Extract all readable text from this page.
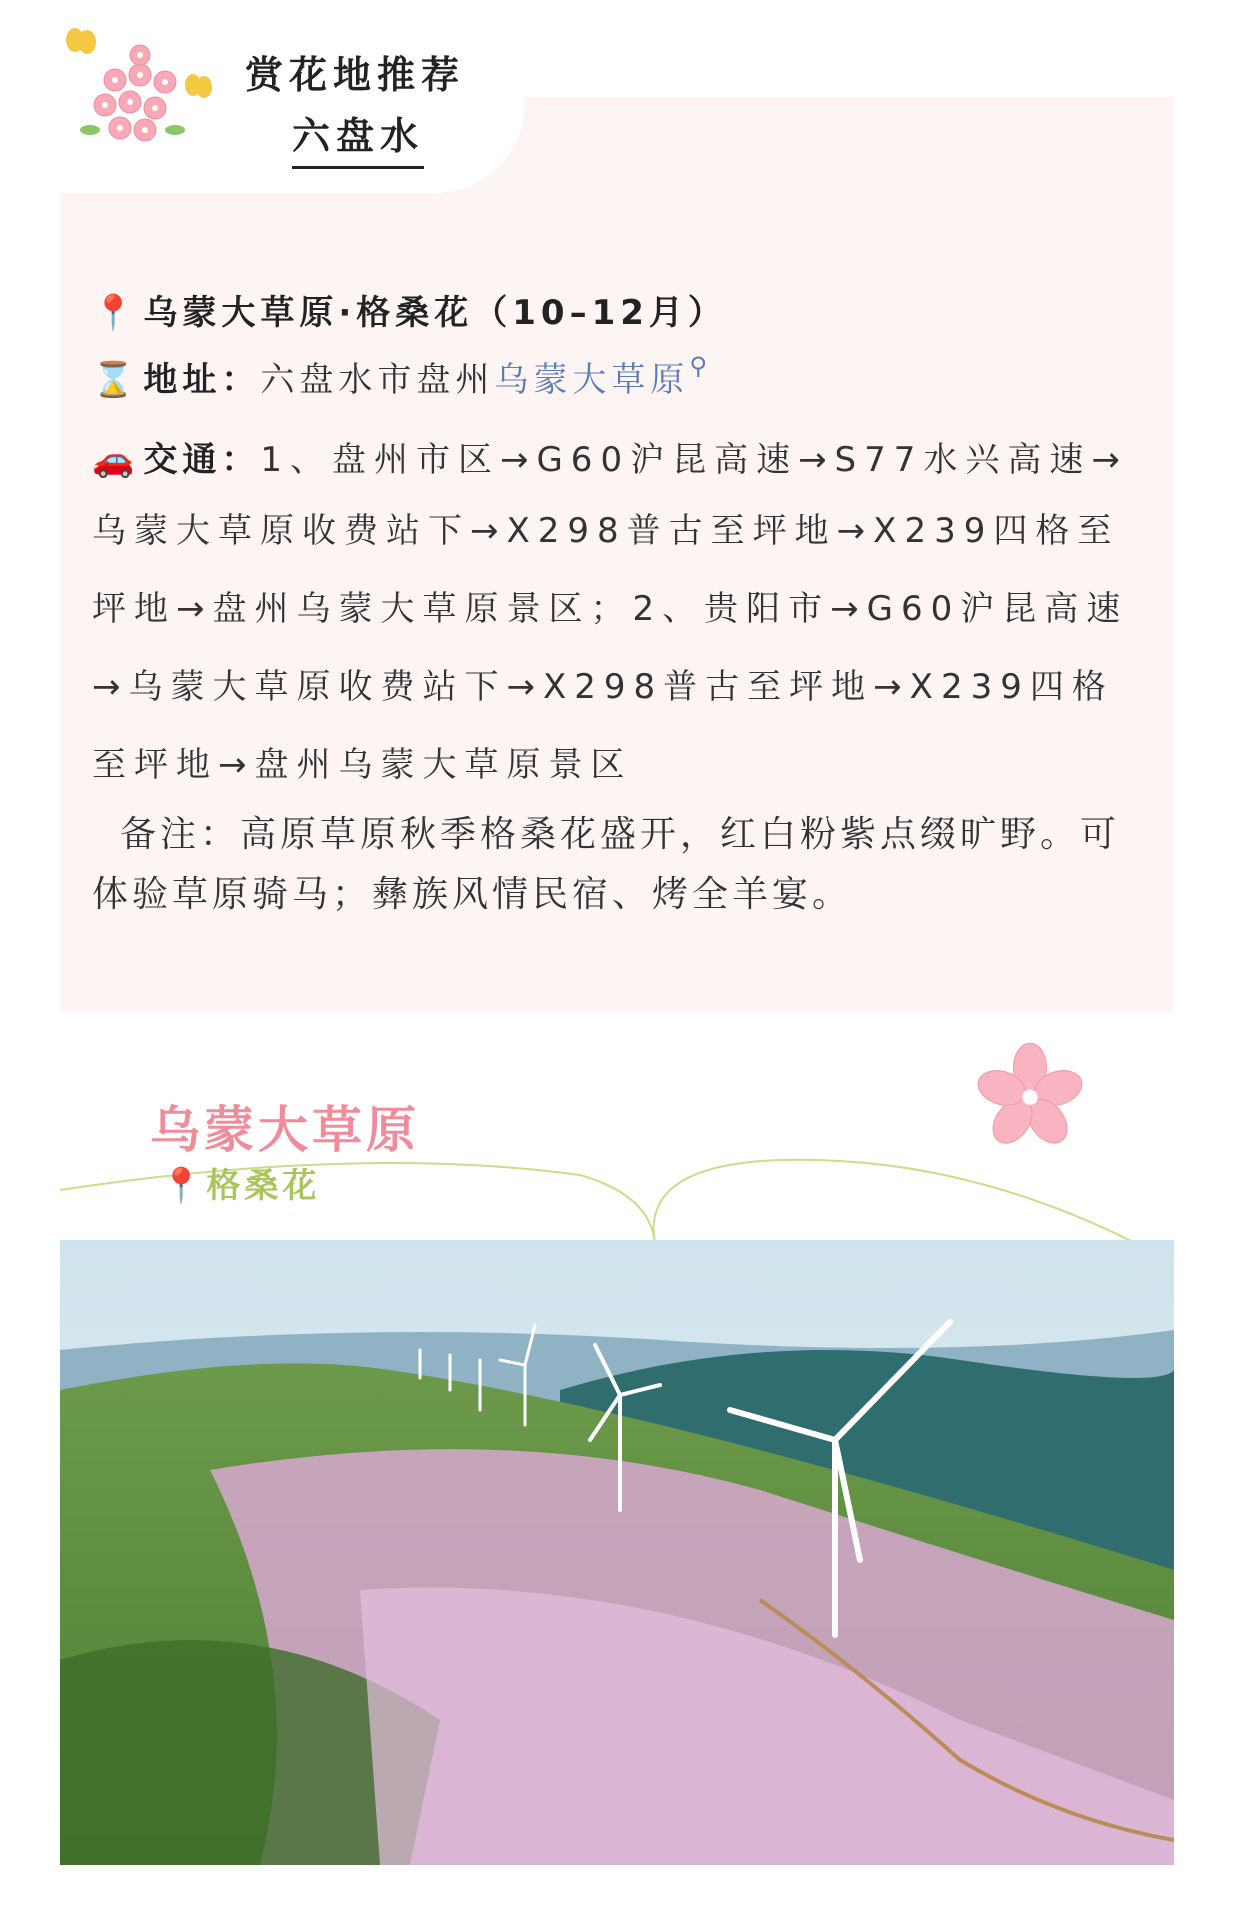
赏花地推荐
六盘水
📍 乌蒙大草原·格桑花（10–12月）
⌛ 地址：六盘水市盘州乌蒙大草原⚲
🚗 交通：1、盘州市区→G60沪昆高速→S77水兴高速→
乌蒙大草原收费站下→X298普古至坪地→X239四格至
坪地→盘州乌蒙大草原景区；2、贵阳市→G60沪昆高速
→乌蒙大草原收费站下→X298普古至坪地→X239四格
至坪地→盘州乌蒙大草原景区
备注：高原草原秋季格桑花盛开，红白粉紫点缀旷野。可
体验草原骑马；彝族风情民宿、烤全羊宴。
乌蒙大草原
📍格桑花
